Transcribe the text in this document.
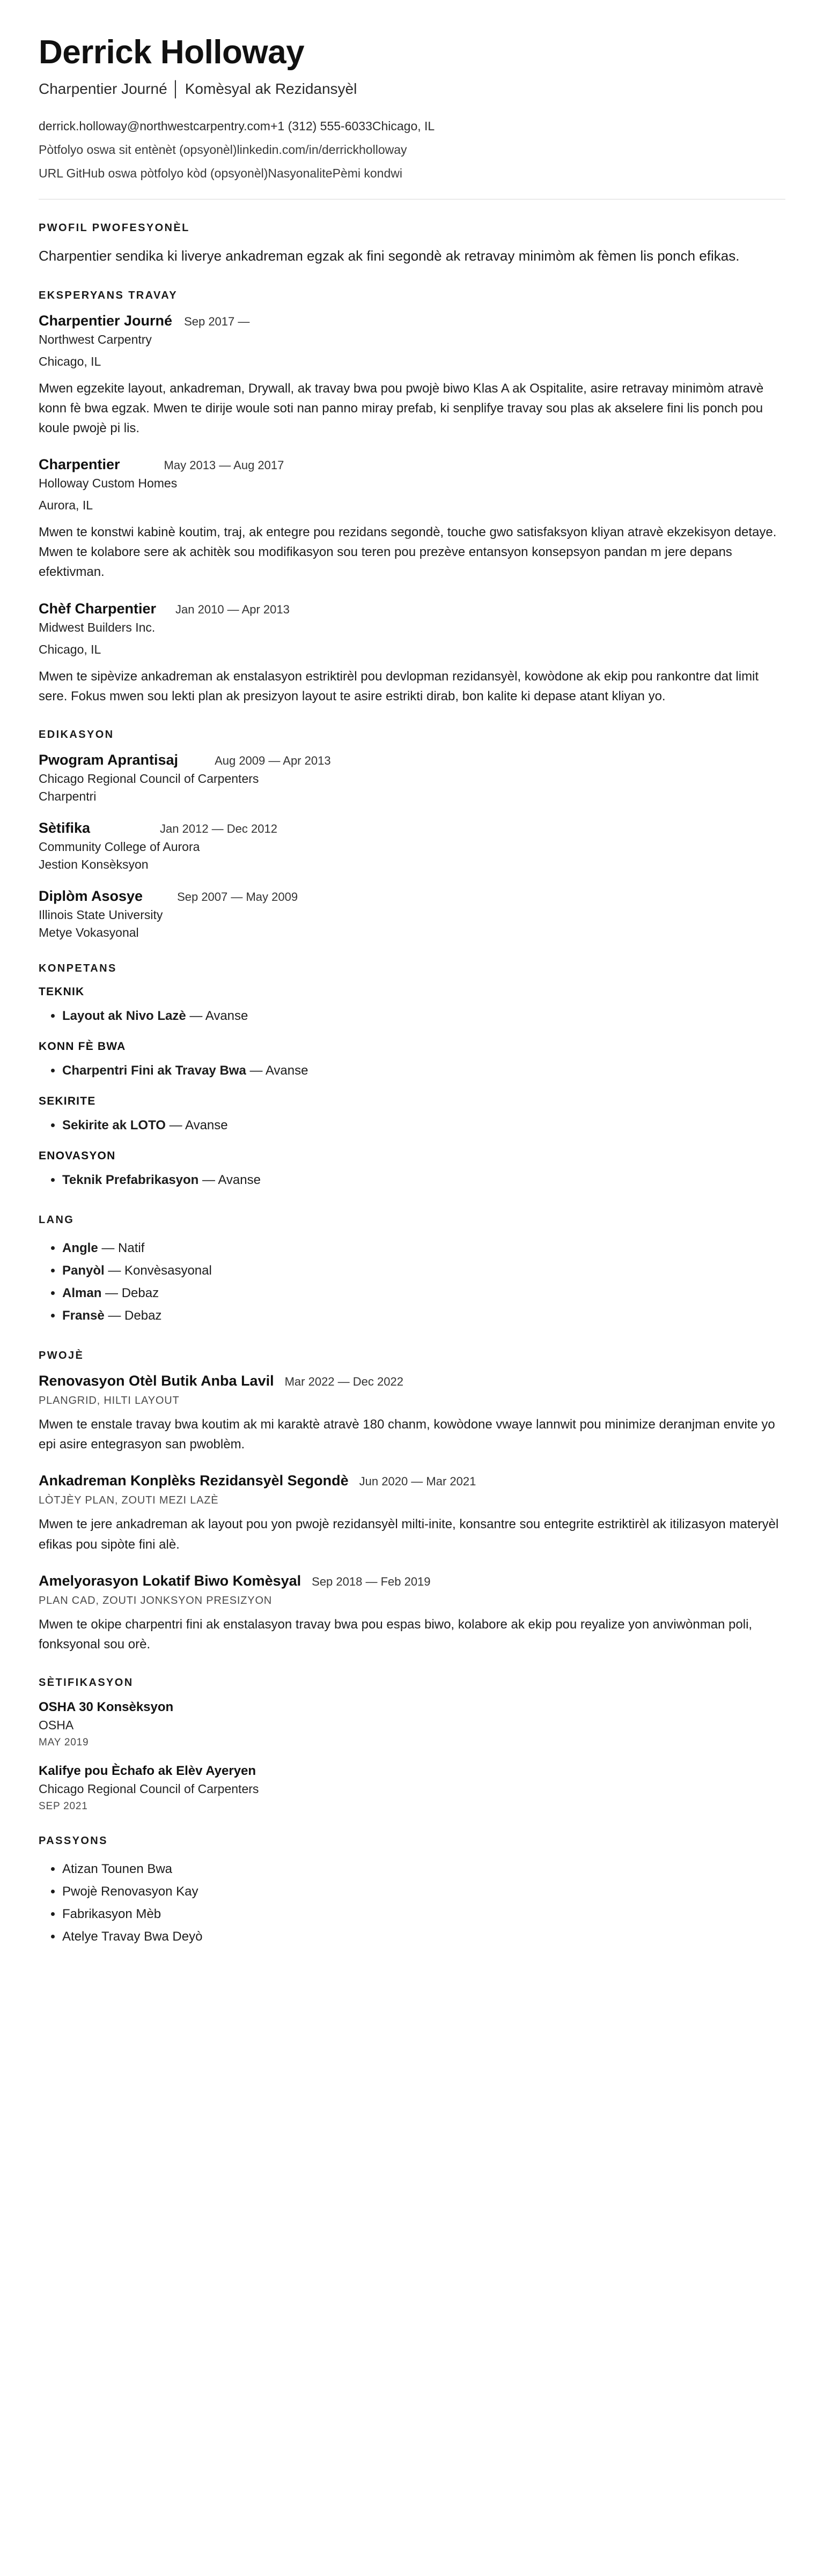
Derrick Holloway
Charpentier Journé │ Komèsyal ak Rezidansyèl
derrick.holloway@northwestcarpentry.com+1 (312) 555-6033Chicago, IL
Pòtfolyo oswa sit entènèt (opsyonèl)linkedin.com/in/derrickholloway
URL GitHub oswa pòtfolyo kòd (opsyonèl)NasyonalitePèmi kondwi
PWOFIL PWOFESYONÈL
Charpentier sendika ki liverye ankadreman egzak ak fini segondè ak retravay minimòm ak fèmen lis ponch efikas.
EKSPERYANS TRAVAY
Charpentier Journé Sep 2017 —
Northwest Carpentry
Chicago, IL
Mwen egzekite layout, ankadreman, Drywall, ak travay bwa pou pwojè biwo Klas A ak Ospitalite, asire retravay minimòm atravè konn fè bwa egzak. Mwen te dirije woule soti nan panno miray prefab, ki senplifye travay sou plas ak akselere fini lis ponch pou koule pwojè pi lis.
Charpentier	May 2013 — Aug 2017
Holloway Custom Homes
Aurora, IL
Mwen te konstwi kabinè koutim, traj, ak entegre pou rezidans segondè, touche gwo satisfaksyon kliyan atravè ekzekisyon detaye. Mwen te kolabore sere ak achitèk sou modifikasyon sou teren pou prezève entansyon konsepsyon pandan m jere depans efektivman.
Chèf Charpentier Jan 2010 — Apr 2013
Midwest Builders Inc.
Chicago, IL
Mwen te sipèvize ankadreman ak enstalasyon estriktirèl pou devlopman rezidansyèl, kowòdone ak ekip pou rankontre dat limit sere. Fokus mwen sou lekti plan ak presizyon layout te asire estrikti dirab, bon kalite ki depase atant kliyan yo.
EDIKASYON
Pwogram Aprantisaj	Aug 2009 — Apr 2013
Chicago Regional Council of Carpenters
Charpentri
Sètifika	Jan 2012 — Dec 2012
Community College of Aurora
Jestion Konsèksyon
Diplòm Asosye	Sep 2007 — May 2009
Illinois State University
Metye Vokasyonal
KONPETANS
TEKNIK
• Layout ak Nivo Lazè — Avanse
KONN FÈ BWA
• Charpentri Fini ak Travay Bwa — Avanse
SEKIRITE
• Sekirite ak LOTO — Avanse
ENOVASYON
• Teknik Prefabrikasyon — Avanse
LANG
• Angle — Natif
• Panyòl — Konvèsasyonal
• Alman — Debaz
• Fransè — Debaz
PWOJÈ
Renovasyon Otèl Butik Anba Lavil Mar 2022 — Dec 2022
PLANGRID, HILTI LAYOUT
Mwen te enstale travay bwa koutim ak mi karaktè atravè 180 chanm, kowòdone vwaye lannwit pou minimize deranjman envite yo epi asire entegrasyon san pwoblèm.
Ankadreman Konplèks Rezidansyèl Segondè Jun 2020 — Mar 2021
LÒTJÈY PLAN, ZOUTI MEZI LAZÈ
Mwen te jere ankadreman ak layout pou yon pwojè rezidansyèl milti-inite, konsantre sou entegrite estriktirèl ak itilizasyon materyèl efikas pou sipòte fini alè.
Amelyorasyon Lokatif Biwo Komèsyal Sep 2018 — Feb 2019
PLAN CAD, ZOUTI JONKSYON PRESIZYON
Mwen te okipe charpentri fini ak enstalasyon travay bwa pou espas biwo, kolabore ak ekip pou reyalize yon anviwònman poli, fonksyonal sou orè.
SÈTIFIKASYON
OSHA 30 Konsèksyon
OSHA
MAY 2019
Kalifye pou Èchafo ak Elèv Ayeryen
Chicago Regional Council of Carpenters
SEP 2021
PASSYONS
• Atizan Tounen Bwa
• Pwojè Renovasyon Kay
• Fabrikasyon Mèb
• Atelye Travay Bwa Deyò
